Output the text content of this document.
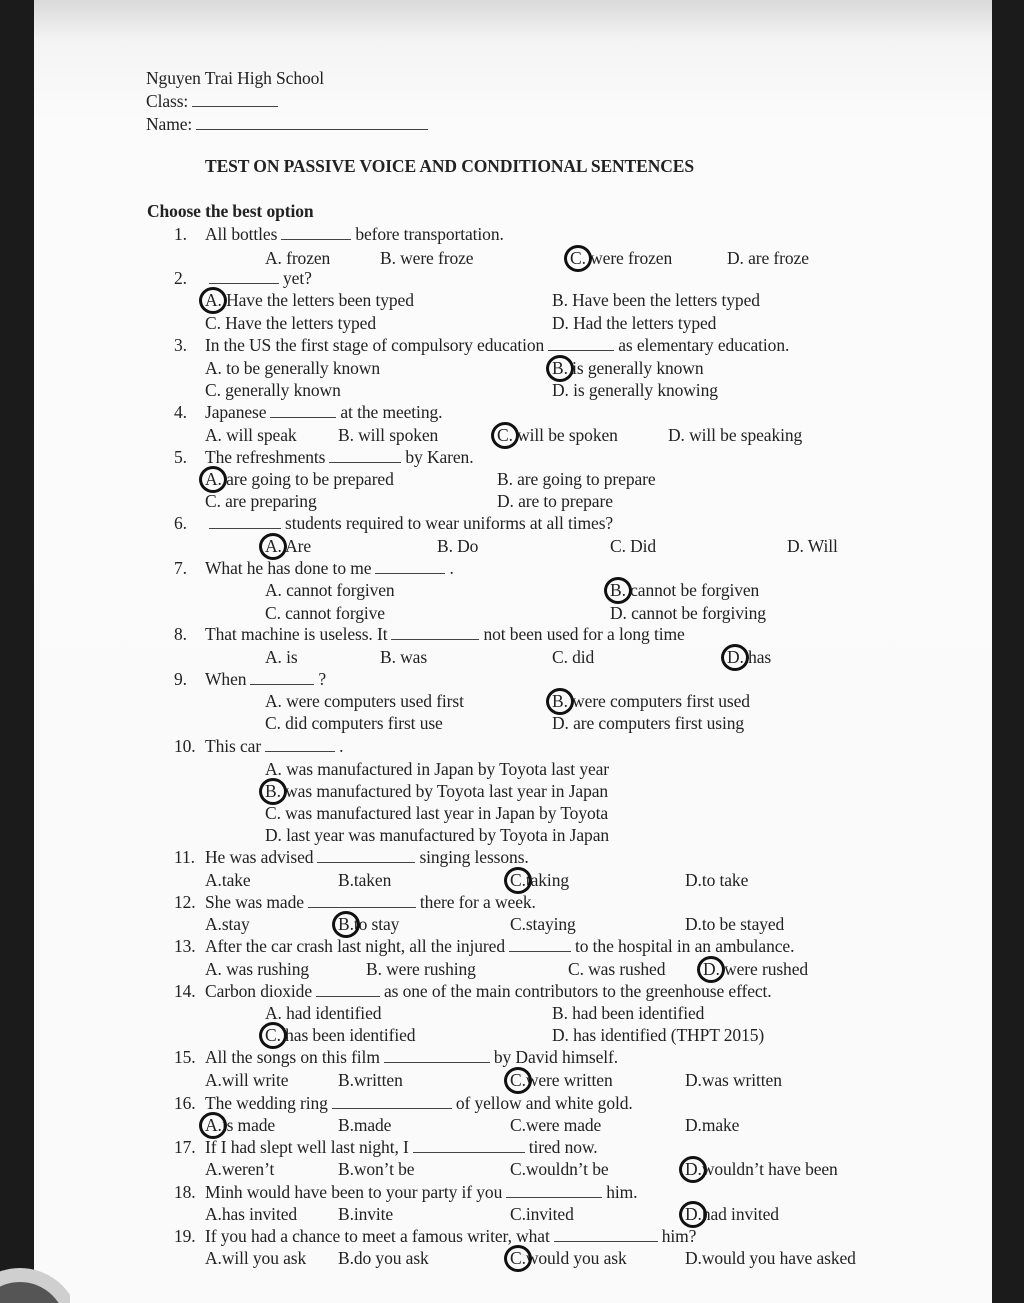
Nguyen Trai High School
Class:
Name:
TEST ON PASSIVE VOICE AND CONDITIONAL SENTENCES
Choose the best option
1. All bottles	before transportation.
A. frozen	B. were froze	C. were frozen	D. are froze
2.	yet?
A. Have the letters been typed	B. Have been the letters typed
C. Have the letters typed	D. Had the letters typed
3. In the US the first stage of compulsory education	as elementary education.
A. to be generally known	B. is generally known
C. generally known	D. is generally knowing
4. Japanese	at the meeting.
A. will speak B. will spoken	C. will be spoken	D. will be speaking
5. The refreshments	by Karen.
A. are going to be prepared	B. are going to prepare
C. are preparing	D. are to prepare
6.	students required to wear uniforms at all times?
A. Are	B. Do	C. Did	D. Will
7. What he has done to me	.
A. cannot forgiven	B. cannot be forgiven
C. cannot forgive	D. cannot be forgiving
8. That machine is useless. It	not been used for a long time
A. is	B. was	C. did	D. has
9. When	?
A. were computers used first	B. were computers first used
C. did computers first use	D. are computers first using
10. This car	.
A. was manufactured in Japan by Toyota last year
B. was manufactured by Toyota last year in Japan
C. was manufactured last year in Japan by Toyota
D. last year was manufactured by Toyota in Japan
11. He was advised	singing lessons.
A.take	B.taken	C.taking	D.to take
12. She was made	there for a week.
A.stay	B.to stay	C.staying	D.to be stayed
13. After the car crash last night, all the injured	to the hospital in an ambulance.
A. was rushing	B. were rushing	C. was rushed D. were rushed
14. Carbon dioxide	as one of the main contributors to the greenhouse effect.
A. had identified	B. had been identified
C. has been identified	D. has identified (THPT 2015)
15. All the songs on this film	by David himself.
A.will write	B.written	C.were written	D.was written
16. The wedding ring	of yellow and white gold.
A.is made	B.made	C.were made	D.make
17. If I had slept well last night, I	tired now.
A.weren’t	B.won’t be	C.wouldn’t be	D.wouldn’t have been
18. Minh would have been to your party if you	him.
A.has invited B.invite	C.invited	D.had invited
19. If you had a chance to meet a famous writer, what	him?
A.will you ask B.do you ask	C.would you ask	D.would you have asked
